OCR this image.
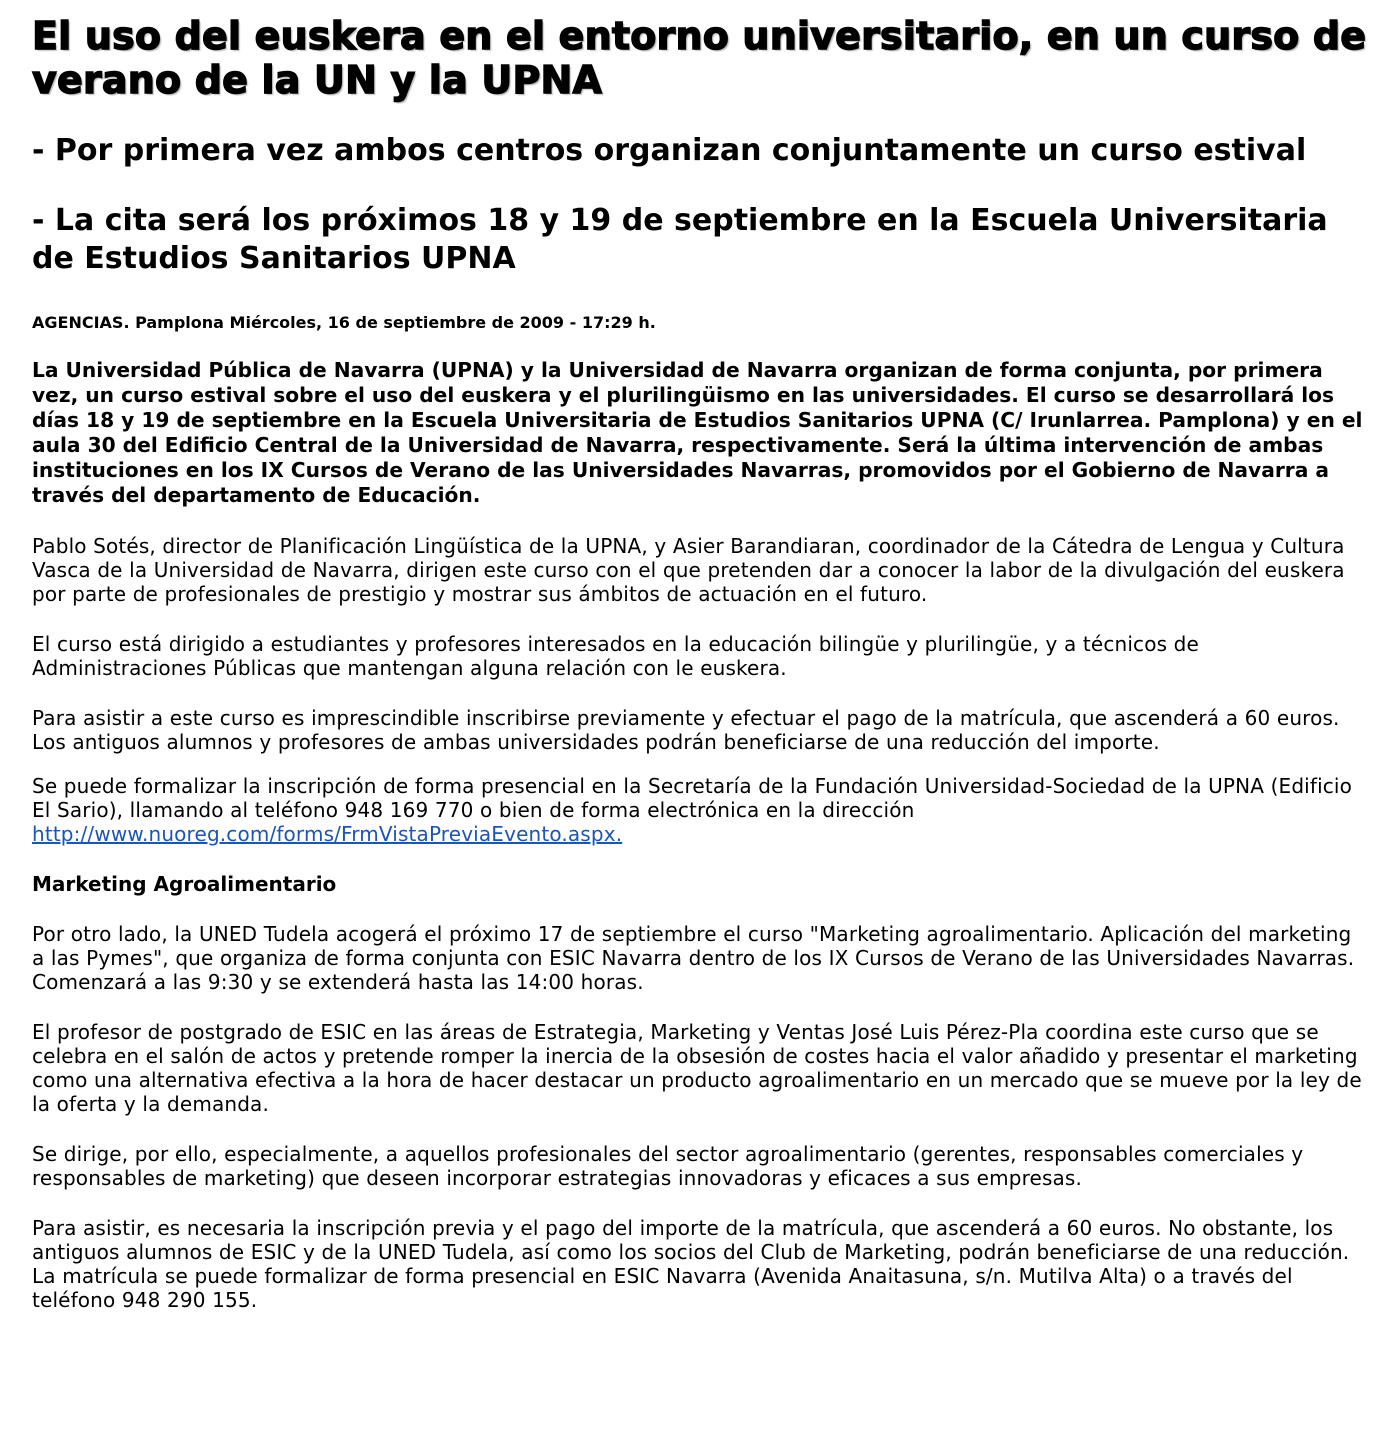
El uso del euskera en el entorno universitario, en un curso de verano de la UN y la UPNA
- Por primera vez ambos centros organizan conjuntamente un curso estival
- La cita será los próximos 18 y 19 de septiembre en la Escuela Universitaria de Estudios Sanitarios UPNA

AGENCIAS. Pamplona Miércoles, 16 de septiembre de 2009 - 17:29 h.

La Universidad Pública de Navarra (UPNA) y la Universidad de Navarra organizan de forma conjunta, por primera vez, un curso estival sobre el uso del euskera y el plurilingüismo en las universidades. El curso se desarrollará los días 18 y 19 de septiembre en la Escuela Universitaria de Estudios Sanitarios UPNA (C/ Irunlarrea. Pamplona) y en el aula 30 del Edificio Central de la Universidad de Navarra, respectivamente. Será la última intervención de ambas instituciones en los IX Cursos de Verano de las Universidades Navarras, promovidos por el Gobierno de Navarra a través del departamento de Educación.

Pablo Sotés, director de Planificación Lingüística de la UPNA, y Asier Barandiaran, coordinador de la Cátedra de Lengua y Cultura Vasca de la Universidad de Navarra, dirigen este curso con el que pretenden dar a conocer la labor de la divulgación del euskera por parte de profesionales de prestigio y mostrar sus ámbitos de actuación en el futuro.

El curso está dirigido a estudiantes y profesores interesados en la educación bilingüe y plurilingüe, y a técnicos de Administraciones Públicas que mantengan alguna relación con le euskera.

Para asistir a este curso es imprescindible inscribirse previamente y efectuar el pago de la matrícula, que ascenderá a 60 euros. Los antiguos alumnos y profesores de ambas universidades podrán beneficiarse de una reducción del importe.

Se puede formalizar la inscripción de forma presencial en la Secretaría de la Fundación Universidad-Sociedad de la UPNA (Edificio El Sario), llamando al teléfono 948 169 770 o bien de forma electrónica en la dirección http://www.nuoreg.com/forms/FrmVistaPreviaEvento.aspx.

Marketing Agroalimentario

Por otro lado, la UNED Tudela acogerá el próximo 17 de septiembre el curso "Marketing agroalimentario. Aplicación del marketing a las Pymes", que organiza de forma conjunta con ESIC Navarra dentro de los IX Cursos de Verano de las Universidades Navarras. Comenzará a las 9:30 y se extenderá hasta las 14:00 horas.

El profesor de postgrado de ESIC en las áreas de Estrategia, Marketing y Ventas José Luis Pérez-Pla coordina este curso que se celebra en el salón de actos y pretende romper la inercia de la obsesión de costes hacia el valor añadido y presentar el marketing como una alternativa efectiva a la hora de hacer destacar un producto agroalimentario en un mercado que se mueve por la ley de la oferta y la demanda.

Se dirige, por ello, especialmente, a aquellos profesionales del sector agroalimentario (gerentes, responsables comerciales y responsables de marketing) que deseen incorporar estrategias innovadoras y eficaces a sus empresas.

Para asistir, es necesaria la inscripción previa y el pago del importe de la matrícula, que ascenderá a 60 euros. No obstante, los antiguos alumnos de ESIC y de la UNED Tudela, así como los socios del Club de Marketing, podrán beneficiarse de una reducción. La matrícula se puede formalizar de forma presencial en ESIC Navarra (Avenida Anaitasuna, s/n. Mutilva Alta) o a través del teléfono 948 290 155.
